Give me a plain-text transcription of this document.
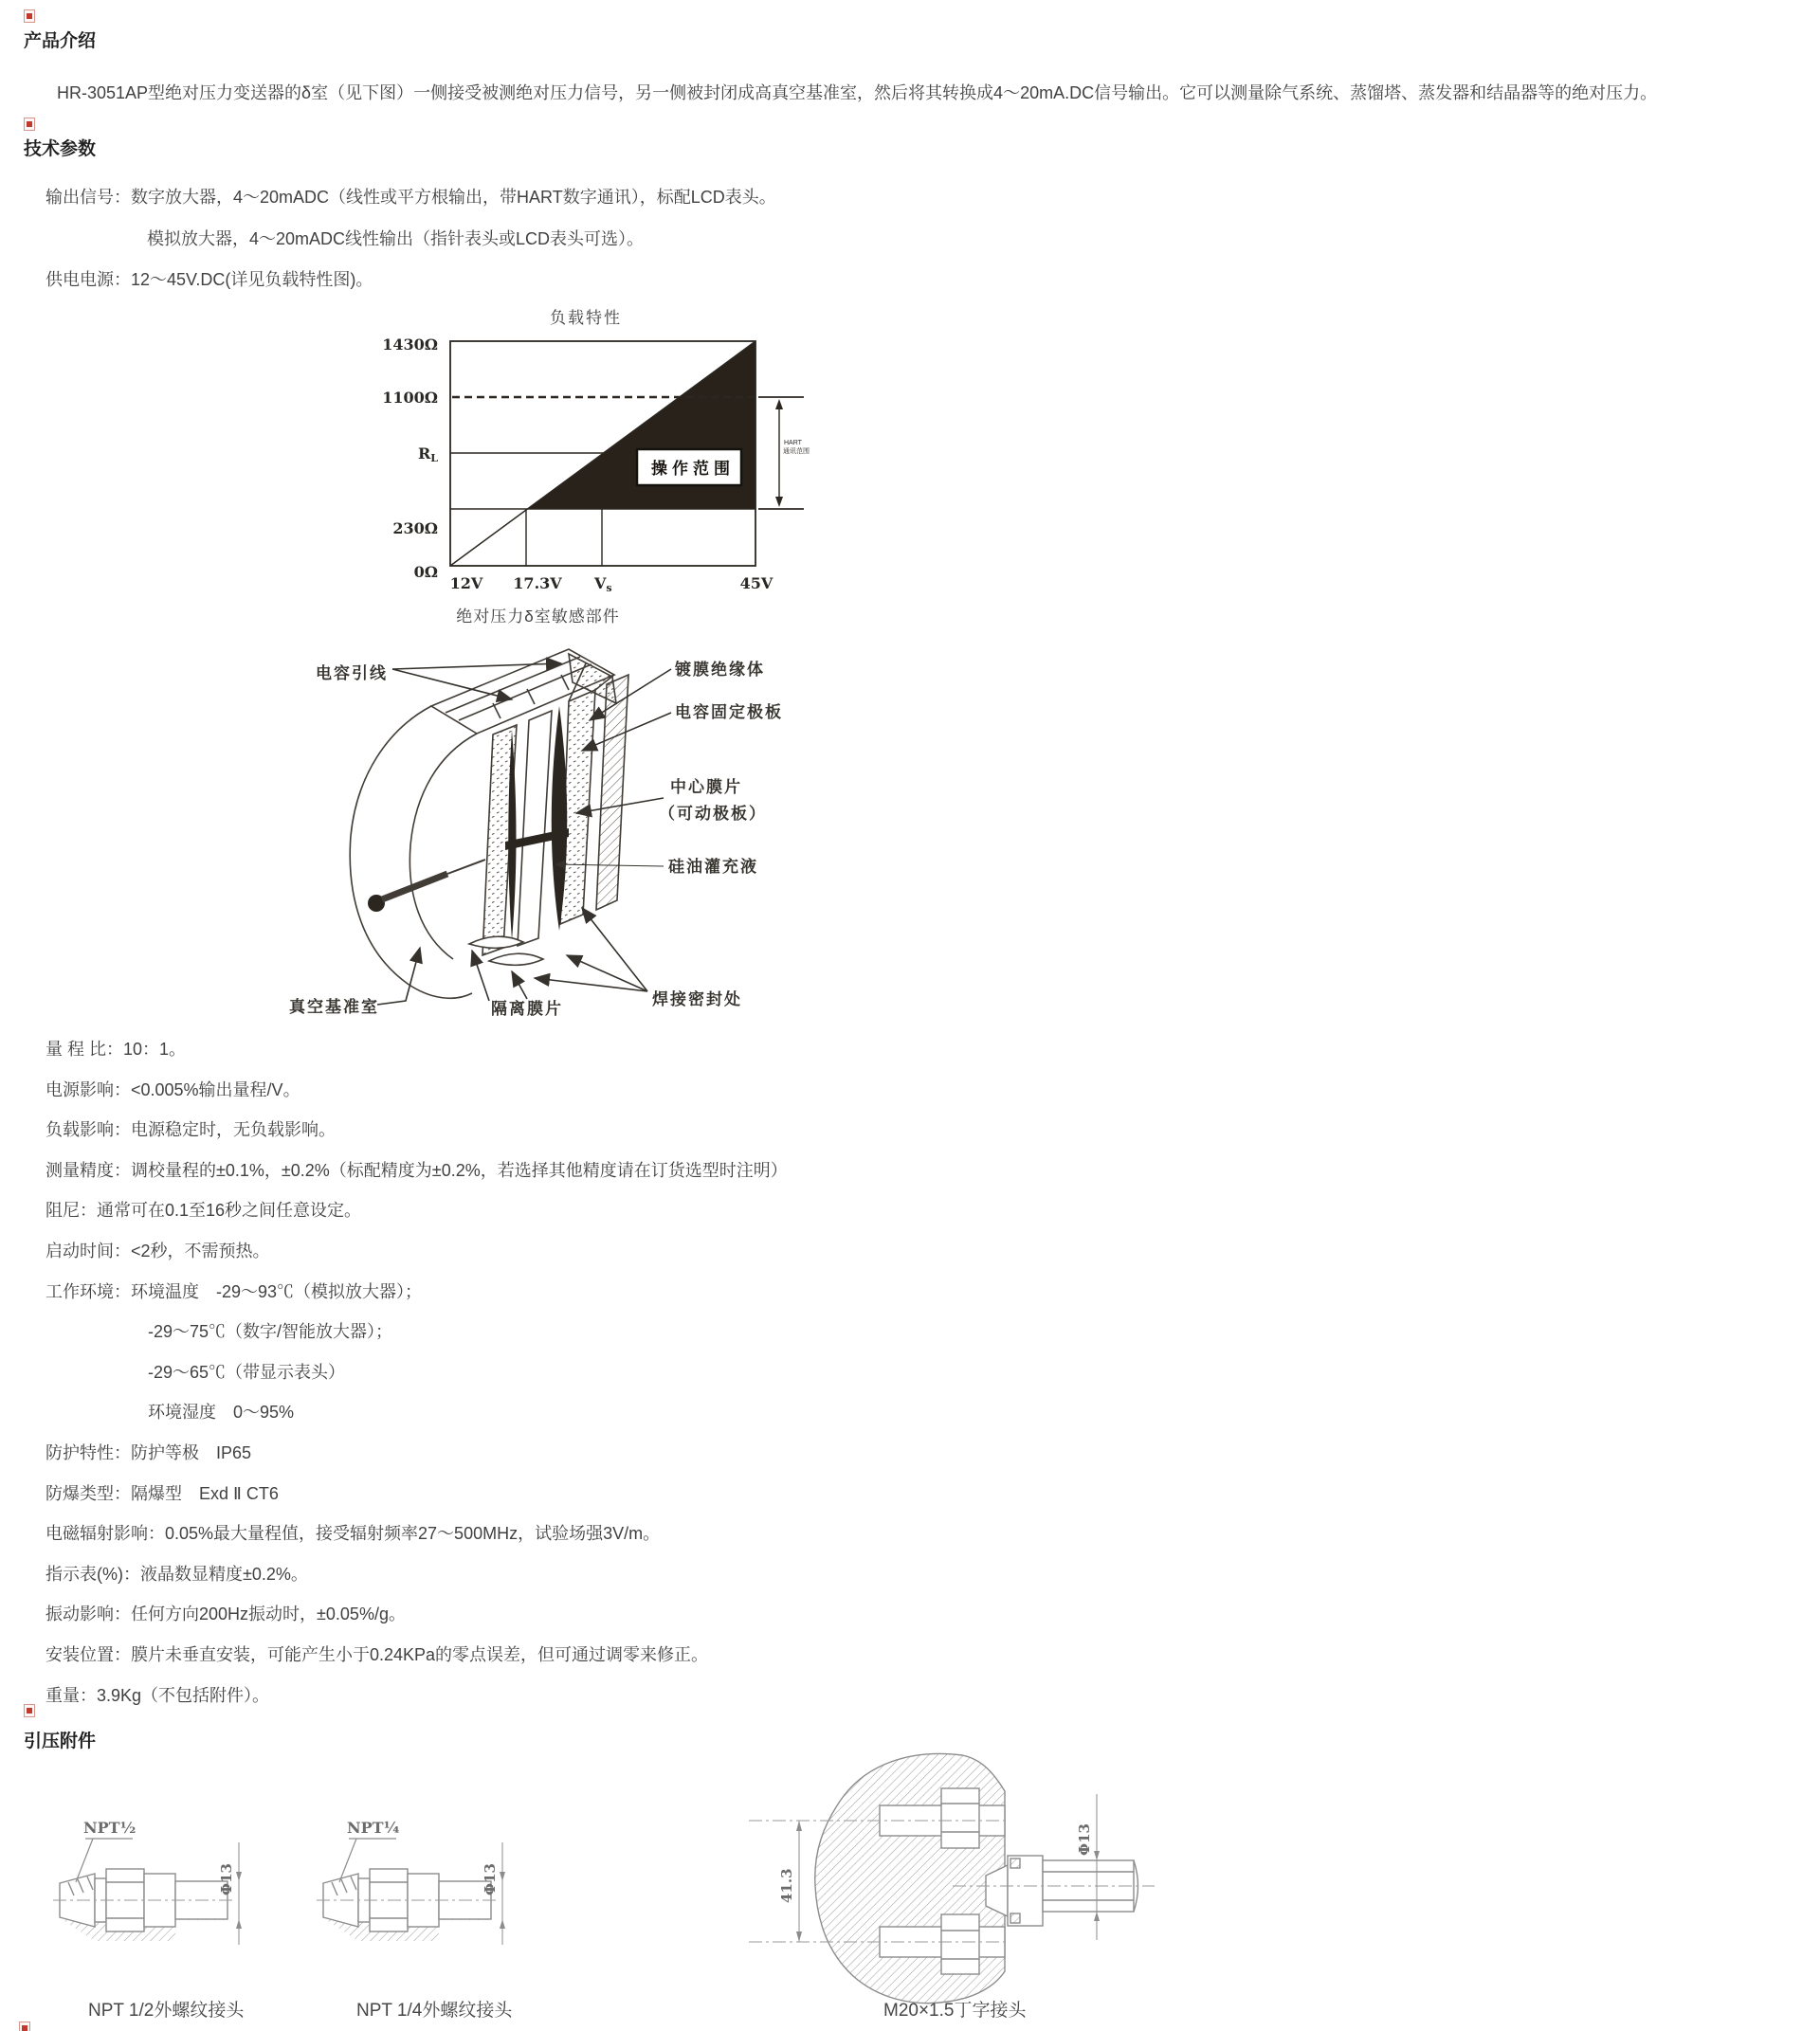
产品介绍
HR-3051AP型绝对压力变送器的δ室（见下图）一侧接受被测绝对压力信号，另一侧被封闭成高真空基准室，然后将其转换成4～20mA.DC信号输出。它可以测量除气系统、蒸馏塔、蒸发器和结晶器等的绝对压力。
技术参数
输出信号：数字放大器，4～20mADC（线性或平方根输出，带HART数字通讯），标配LCD表头。
模拟放大器，4～20mADC线性输出（指针表头或LCD表头可选）。
供电电源：12～45V.DC(详见负载特性图)。
负载特性
HART
通讯范围
操作范围
1430Ω
1100Ω
RL
230Ω
0Ω
12V 17.3V Vs	45V
绝对压力δ室敏感部件
电容引线	镀膜绝缘体
电容固定极板
中心膜片
（可动极板）
硅油灌充液
焊接密封处
真空基准室	隔离膜片
量 程 比：10：1。
电源影响：<0.005%输出量程/V。
负载影响：电源稳定时，无负载影响。
测量精度：调校量程的±0.1%，±0.2%（标配精度为±0.2%，若选择其他精度请在订货选型时注明）
阻尼：通常可在0.1至16秒之间任意设定。
启动时间：<2秒，不需预热。
工作环境：环境温度　-29～93℃（模拟放大器）；
-29～75℃（数字/智能放大器）；
-29～65℃（带显示表头）
环境湿度　0～95%
防护特性：防护等极　IP65
防爆类型：隔爆型　Exd Ⅱ CT6
电磁辐射影响：0.05%最大量程值，接受辐射频率27～500MHz，试验场强3V/m。
指示表(%)：液晶数显精度±0.2%。
振动影响：任何方向200Hz振动时，±0.05%/g。
安装位置：膜片未垂直安装，可能产生小于0.24KPa的零点误差，但可通过调零来修正。
重量：3.9Kg（不包括附件）。
引压附件
NPT½
Φ13
NPT¼
Φ13	41.3
Φ13
NPT 1/2外螺纹接头	NPT 1/4外螺纹接头	M20×1.5丁字接头
